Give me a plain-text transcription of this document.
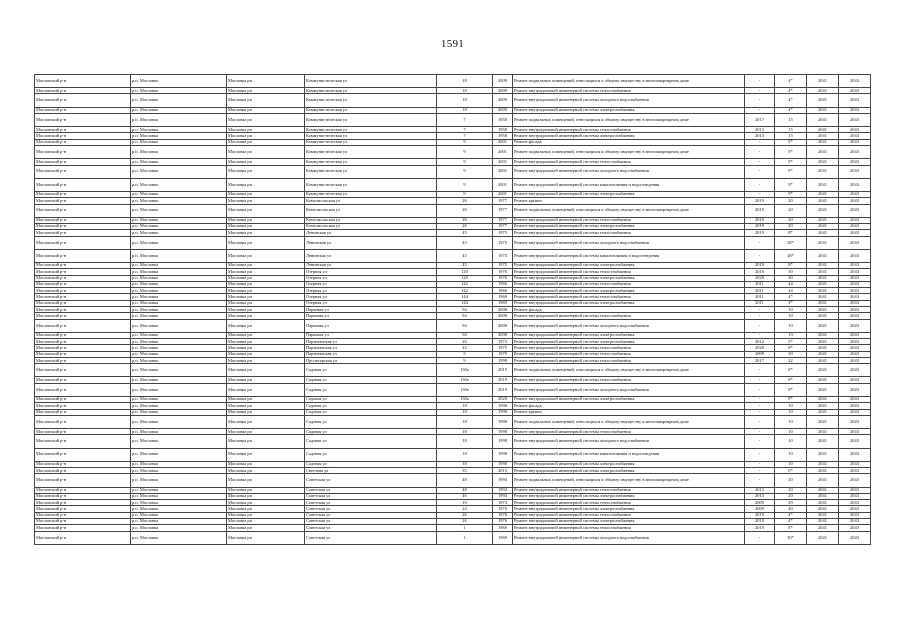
1591
Масловский р-н	р.п. Масловка	Масловка рп	Коммунистическая ул	18	2009	Ремонт подвальных помещений, относящихся к общему имуществу в многоквартирном доме	-	4*	2041	2043
Масловский р-н	р.п. Масловка	Масловка рп	Коммунистическая ул	18	2009	Ремонт внутридомовой инженерной системы теплоснабжения	-	4*	2041	2043
Масловский р-н	р.п. Масловка	Масловка рп	Коммунистическая ул	18	2009	Ремонт внутридомовой инженерной системы холодного водоснабжения	-	4*	2041	2043
Масловский р-н	р.п. Масловка	Масловка рп	Коммунистическая ул	18	2009	Ремонт внутридомовой инженерной системы электроснабжения	-	4*	2041	2043
Масловский р-н	р.п. Масловка	Масловка рп	Коммунистическая ул	7	1958	Ремонт подвальных помещений, относящихся к общему имуществу в многоквартирном доме	2017	15	2041	2043
Масловский р-н	р.п. Масловка	Масловка рп	Коммунистическая ул	7	1958	Ремонт внутридомовой инженерной системы теплоснабжения	2013	15	2041	2043
Масловский р-н	р.п. Масловка	Масловка рп	Коммунистическая ул	7	1958	Ремонт внутридомовой инженерной системы электроснабжения	2013	15	2041	2043
Масловский р-н	р.п. Масловка	Масловка рп	Коммунистическая ул	9	2001	Ремонт фасада	-	9*	2041	2043
Масловский р-н	р.п. Масловка	Масловка рп	Коммунистическая ул	9	2001	Ремонт подвальных помещений, относящихся к общему имуществу в многоквартирном доме	-	9*	2041	2043
Масловский р-н	р.п. Масловка	Масловка рп	Коммунистическая ул	9	2001	Ремонт внутридомовой инженерной системы теплоснабжения	-	9*	2041	2043
Масловский р-н	р.п. Масловка	Масловка рп	Коммунистическая ул	9	2001	Ремонт внутридомовой инженерной системы холодного водоснабжения	-	9*	2041	2043
Масловский р-н	р.п. Масловка	Масловка рп	Коммунистическая ул	9	2001	Ремонт внутридомовой инженерной системы канализования и водоотведения	-	9*	2041	2043
Масловский р-н	р.п. Масловка	Масловка рп	Коммунистическая ул	9	2001	Ремонт внутридомовой инженерной системы электроснабжения	-	9*	2041	2043
Масловский р-н	р.п. Масловка	Масловка рп	Комсомольская ул	26	1977	Ремонт крыши	2019	20	2041	2043
Масловский р-н	р.п. Масловка	Масловка рп	Комсомольская ул	26	1977	Ремонт подвальных помещений, относящихся к общему имуществу в многоквартирном доме	2019	20	2041	2043
Масловский р-н	р.п. Масловка	Масловка рп	Комсомольская ул	26	1977	Ремонт внутридомовой инженерной системы теплоснабжения	2019	20	2041	2043
Масловский р-н	р.п. Масловка	Масловка рп	Комсомольская ул	26	1977	Ремонт внутридомовой инженерной системы электроснабжения	2019	20	2041	2043
Масловский р-н	р.п. Масловка	Масловка рп	Ленинская ул	45	1975	Ремонт внутридомовой инженерной системы теплоснабжения	2019	8*	2041	2043
Масловский р-н	р.п. Масловка	Масловка рп	Ленинская ул	45	1975	Ремонт внутридомовой инженерной системы холодного водоснабжения	-	28*	2041	2043
Масловский р-н	р.п. Масловка	Масловка рп	Ленинская ул	45	1975	Ремонт внутридомовой инженерной системы канализования и водоотведения	-	28*	2041	2043
Масловский р-н	р.п. Масловка	Масловка рп	Ленинская ул	45	1975	Ремонт внутридомовой инженерной системы электроснабжения	2019	8*	2041	2043
Масловский р-н	р.п. Масловка	Масловка рп	Озерная ул	120	1976	Ремонт внутридомовой инженерной системы теплоснабжения	2016	30	2041	2043
Масловский р-н	р.п. Масловка	Масловка рп	Озерная ул	120	1976	Ремонт внутридомовой инженерной системы электроснабжения	2020	30	2041	2043
Масловский р-н	р.п. Масловка	Масловка рп	Озерная ул	142	1966	Ремонт внутридомовой инженерной системы теплоснабжения	2011	44	2041	2043
Масловский р-н	р.п. Масловка	Масловка рп	Озерная ул	142	1966	Ремонт внутридомовой инженерной системы электроснабжения	2011	44	2041	2043
Масловский р-н	р.п. Масловка	Масловка рп	Озерная ул	144	1969	Ремонт внутридомовой инженерной системы теплоснабжения	2011	4*	2041	2043
Масловский р-н	р.п. Масловка	Масловка рп	Озерная ул	144	1969	Ремонт внутридомовой инженерной системы электроснабжения	2011	4*	2041	2043
Масловский р-н	р.п. Масловка	Масловка рп	Парковая ул	94	2008	Ремонт фасада	-	10	2041	2043
Масловский р-н	р.п. Масловка	Масловка рп	Парковая ул	94	2008	Ремонт внутридомовой инженерной системы теплоснабжения	-	10	2041	2043
Масловский р-н	р.п. Масловка	Масловка рп	Парковая ул	94	2008	Ремонт внутридомовой инженерной системы холодного водоснабжения	-	10	2041	2043
Масловский р-н	р.п. Масловка	Масловка рп	Парковая ул	94	2008	Ремонт внутридомовой инженерной системы электроснабжения	-	10	2041	2043
Масловский р-н	р.п. Масловка	Масловка рп	Партизанская ул	20	1973	Ремонт внутридомовой инженерной системы электроснабжения	2012	5*	2041	2043
Масловский р-н	р.п. Масловка	Масловка рп	Партизанская ул	22	1975	Ремонт внутридомовой инженерной системы теплоснабжения	2020	8*	2041	2043
Масловский р-н	р.п. Масловка	Масловка рп	Партизанская ул	5	1979	Ремонт внутридомовой инженерной системы теплоснабжения	2009	30	2041	2043
Масловский р-н	р.п. Масловка	Масловка рп	Пролетарская ул	9	1999	Ремонт внутридомовой инженерной системы теплоснабжения	2017	22	2041	2043
Масловский р-н	р.п. Масловка	Масловка рп	Садовая ул	130а	2019	Ремонт подвальных помещений, относящихся к общему имуществу в многоквартирном доме	-	8*	2041	2043
Масловский р-н	р.п. Масловка	Масловка рп	Садовая ул	130а	2019	Ремонт внутридомовой инженерной системы теплоснабжения	-	8*	2041	2043
Масловский р-н	р.п. Масловка	Масловка рп	Садовая ул	130а	2019	Ремонт внутридомовой инженерной системы холодного водоснабжения	-	8*	2041	2043
Масловский р-н	р.п. Масловка	Масловка рп	Садовая ул	130а	2020	Ремонт внутридомовой инженерной системы электроснабжения	-	8*	2041	2043
Масловский р-н	р.п. Масловка	Масловка рп	Садовая ул	18	1998	Ремонт фасада	-	10	2041	2043
Масловский р-н	р.п. Масловка	Масловка рп	Садовая ул	18	1998	Ремонт крыши	-	10	2041	2043
Масловский р-н	р.п. Масловка	Масловка рп	Садовая ул	18	1998	Ремонт подвальных помещений, относящихся к общему имуществу в многоквартирном доме	-	10	2041	2043
Масловский р-н	р.п. Масловка	Масловка рп	Садовая ул	18	1998	Ремонт внутридомовой инженерной системы теплоснабжения	-	10	2041	2043
Масловский р-н	р.п. Масловка	Масловка рп	Садовая ул	18	1998	Ремонт внутридомовой инженерной системы холодного водоснабжения	-	10	2041	2043
Масловский р-н	р.п. Масловка	Масловка рп	Садовая ул	18	1998	Ремонт внутридомовой инженерной системы канализования и водоотведения	-	10	2041	2043
Масловский р-н	р.п. Масловка	Масловка рп	Садовая ул	18	1998	Ремонт внутридомовой инженерной системы электроснабжения	-	10	2041	2043
Масловский р-н	р.п. Масловка	Масловка рп	Светлова ул	35	2015	Ремонт внутридомовой инженерной системы электроснабжения	-	0*	2041	2043
Масловский р-н	р.п. Масловка	Масловка рп	Советская ул	48	1994	Ремонт подвальных помещений, относящихся к общему имуществу в многоквартирном доме	-	20	2041	2043
Масловский р-н	р.п. Масловка	Масловка рп	Советская ул	48	1994	Ремонт внутридомовой инженерной системы теплоснабжения	2013	20	2041	2043
Масловский р-н	р.п. Масловка	Масловка рп	Советская ул	46	1994	Ремонт внутридомовой инженерной системы электроснабжения	2013	20	2041	2043
Масловский р-н	р.п. Масловка	Масловка рп	Советская ул	19	1974	Ремонт внутридомовой инженерной системы теплоснабжения	2009	29	2041	2043
Масловский р-н	р.п. Масловка	Масловка рп	Советская ул	24	1975	Ремонт внутридомовой инженерной системы электроснабжения	2009	40	2041	2043
Масловский р-н	р.п. Масловка	Масловка рп	Советская ул	26	1976	Ремонт внутридомовой инженерной системы теплоснабжения	2019	4*	2041	2043
Масловский р-н	р.п. Масловка	Масловка рп	Советская ул	26	1976	Ремонт внутридомовой инженерной системы электроснабжения	2019	4*	2041	2043
Масловский р-н	р.п. Масловка	Масловка рп	Советская ул	1	1969	Ремонт внутридомовой инженерной системы теплоснабжения	2019	8*	2041	2043
Масловский р-н	р.п. Масловка	Масловка рп	Советская ул	1	1969	Ремонт внутридомовой инженерной системы холодного водоснабжения	-	30*	2041	2043
